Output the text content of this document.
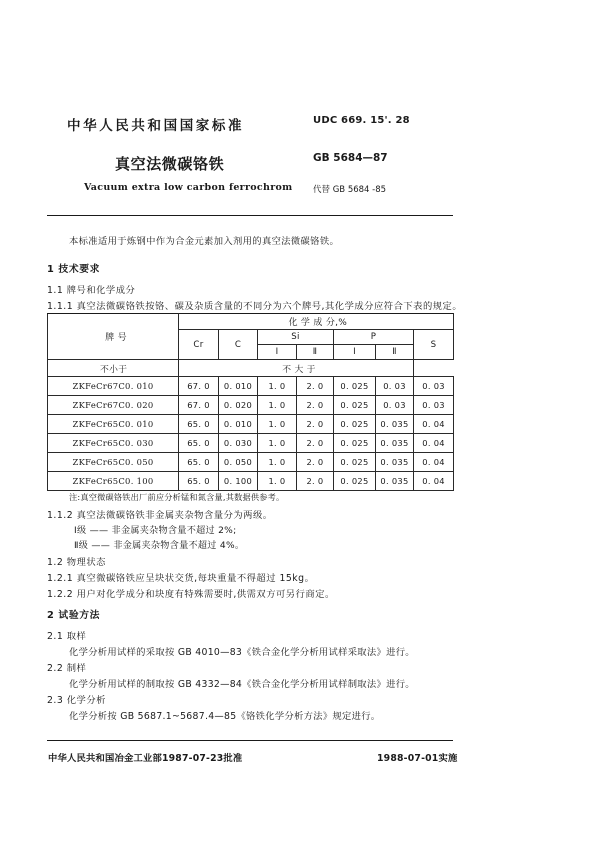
中华人民共和国国家标准	UDC 669. 15'. 28
真空法微碳铬铁	GB 5684—87
Vacuum extra low carbon ferrochrom 代替 GB 5684 -85
本标准适用于炼钢中作为合金元素加入剂用的真空法微碳铬铁。
1 技术要求
1.1 牌号和化学成分
1.1.1 真空法微碳铬铁按铬、碳及杂质含量的不同分为六个牌号,其化学成分应符合下表的规定。
牌 号	化 学 成 分,%						
	Cr	C	Si		P		S
			Ⅰ	Ⅱ	Ⅰ	Ⅱ	
不小于	不 大 于						
ZKFeCr67C0. 010	67. 0	0. 010	1. 0	2. 0	0. 025	0. 03	0. 03
ZKFeCr67C0. 020	67. 0	0. 020	1. 0	2. 0	0. 025	0. 03	0. 03
ZKFeCr65C0. 010	65. 0	0. 010	1. 0	2. 0	0. 025	0. 035	0. 04
ZKFeCr65C0. 030	65. 0	0. 030	1. 0	2. 0	0. 025	0. 035	0. 04
ZKFeCr65C0. 050	65. 0	0. 050	1. 0	2. 0	0. 025	0. 035	0. 04
ZKFeCr65C0. 100	65. 0	0. 100	1. 0	2. 0	0. 025	0. 035	0. 04
注:真空微碳铬铁出厂前应分析锰和氮含量,其数据供参考。
1.1.2 真空法微碳铬铁非金属夹杂物含量分为两级。
Ⅰ级 —— 非金属夹杂物含量不超过 2%;
Ⅱ级 —— 非金属夹杂物含量不超过 4%。
1.2 物理状态
1.2.1 真空微碳铬铁应呈块状交货,每块重量不得超过 15kg。
1.2.2 用户对化学成分和块度有特殊需要时,供需双方可另行商定。
2 试验方法
2.1 取样
化学分析用试样的采取按 GB 4010—83《铁合金化学分析用试样采取法》进行。
2.2 制样
化学分析用试样的制取按 GB 4332—84《铁合金化学分析用试样制取法》进行。
2.3 化学分析
化学分析按 GB 5687.1~5687.4—85《铬铁化学分析方法》规定进行。
中华人民共和国冶金工业部1987-07-23批准	1988-07-01实施
